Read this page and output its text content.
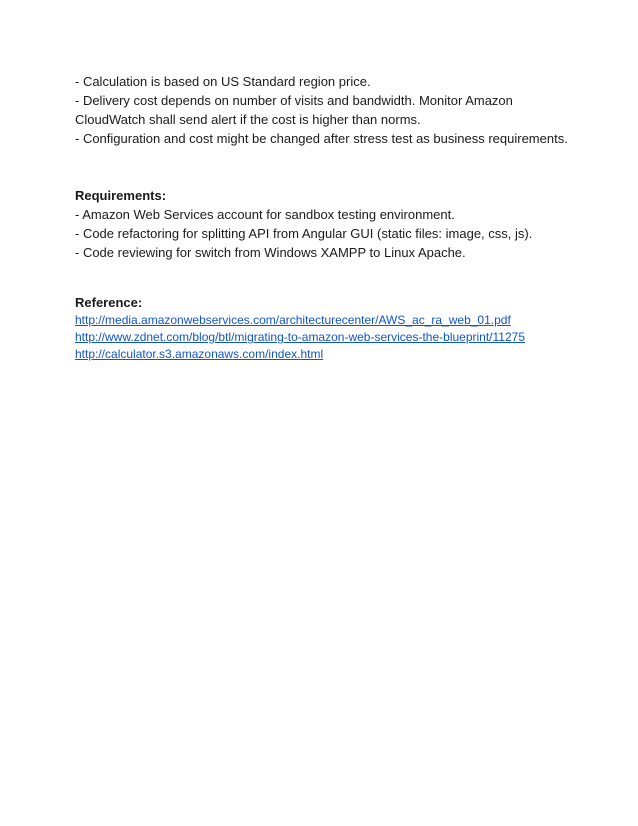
- Calculation is based on US Standard region price.

- Delivery cost depends on number of visits and bandwidth. Monitor Amazon

CloudWatch shall send alert if the cost is higher than norms.

- Configuration and cost might be changed after stress test as business requirements.

Requirements:

- Amazon Web Services account for sandbox testing environment.

- Code refactoring for splitting API from Angular GUI (static files: image, css, js).

- Code reviewing for switch from Windows XAMPP to Linux Apache.

Reference:

http://media.amazonwebservices.com/architecturecenter/AWS_ac_ra_web_01.pdf
http://www.zdnet.com/blog/btl/migrating-to-amazon-web-services-the-blueprint/11275
http://calculator.s3.amazonaws.com/index.html
